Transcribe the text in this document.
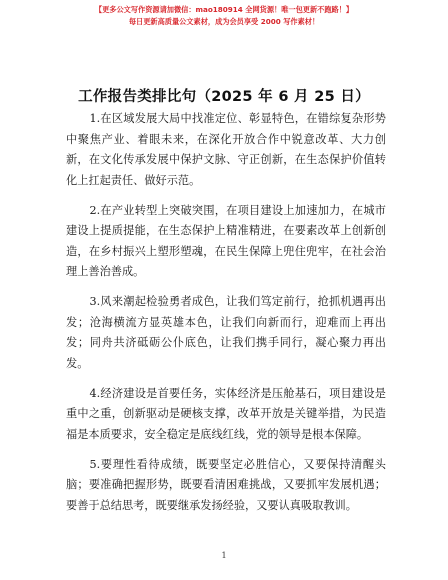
【更多公文写作资源请加微信：mao180914 全网货源！唯一包更新不跑路！】
每日更新高质量公文素材，成为会员享受 2000 写作素材！
工作报告类排比句（2025 年 6 月 25 日）

1.在区域发展大局中找准定位、彰显特色，在错综复杂形势中聚焦产业、着眼未来，在深化开放合作中锐意改革、大力创新，在文化传承发展中保护文脉、守正创新，在生态保护价值转化上扛起责任、做好示范。

2.在产业转型上突破突围，在项目建设上加速加力，在城市建设上提质提能，在生态保护上精准精进，在要素改革上创新创造，在乡村振兴上塑形塑魂，在民生保障上兜住兜牢，在社会治理上善治善成。

3.风来潮起检验勇者成色，让我们笃定前行，抢抓机遇再出发；沧海横流方显英雄本色，让我们向新而行，迎难而上再出发；同舟共济砥砺公仆底色，让我们携手同行，凝心聚力再出发。

4.经济建设是首要任务，实体经济是压舱基石，项目建设是重中之重，创新驱动是硬核支撑，改革开放是关键举措，为民造福是本质要求，安全稳定是底线红线，党的领导是根本保障。

5.要理性看待成绩，既要坚定必胜信心，又要保持清醒头脑；要准确把握形势，既要看清困难挑战，又要抓牢发展机遇；要善于总结思考，既要继承发扬经验，又要认真吸取教训。

1
